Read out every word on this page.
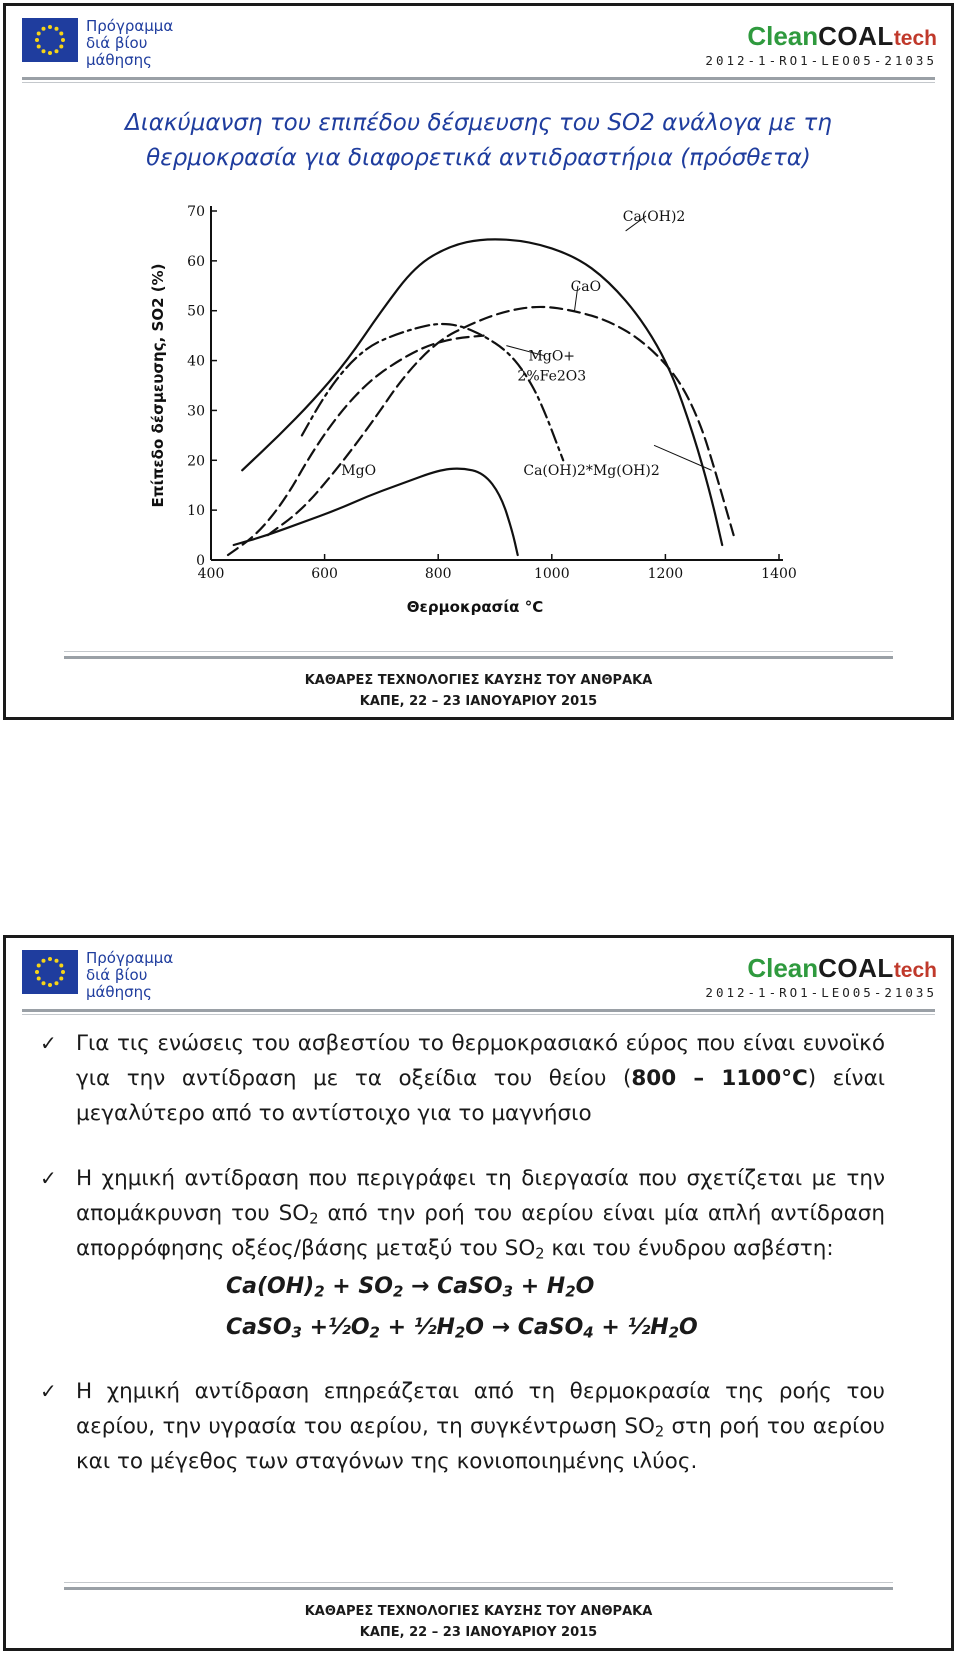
Πρόγραμμα
διά βίου
μάθησης
CleanCOALtech
2012-1-RO1-LEO05-21035
Διακύμανση του επιπέδου δέσμευσης του SO2 ανάλογα με τη
θερμοκρασία για διαφορετικά αντιδραστήρια (πρόσθετα)
0
10
20
30
40
50
60
70
400	600	800	1000	1200	1400
Θερμοκρασία °C
Επίπεδο δέσμευσης, SO2 (%)
Ca(OH)2
CaO
MgO+
2%Fe2O3
MgO	Ca(OH)2*Mg(OH)2
ΚΑΘΑΡΕΣ ΤΕΧΝΟΛΟΓΙΕΣ ΚΑΥΣΗΣ ΤΟΥ ΑΝΘΡΑΚΑ
ΚΑΠΕ, 22 – 23 ΙΑΝΟΥΑΡΙΟΥ 2015
Πρόγραμμα
διά βίου
μάθησης
CleanCOALtech
2012-1-RO1-LEO05-21035
✓ Για τις ενώσεις του ασβεστίου το θερμοκρασιακό εύρος που είναι ευνοϊκό για την αντίδραση με τα οξείδια του θείου (800 – 1100°C) είναι μεγαλύτερο από το αντίστοιχο για το μαγνήσιο
✓ Η χημική αντίδραση που περιγράφει τη διεργασία που σχετίζεται με την απομάκρυνση του $SO_2$ από την ροή του αερίου είναι μία απλή αντίδραση απορρόφησης οξέος/βάσης μεταξύ του $SO_2$ και του ένυδρου ασβέστη:
$Ca(OH)_2 + SO_2$ → CaSO$_3$ + $H_2O$
CaSO$_3$ $+\frac{1}{2}O_2$ + $\frac{1}{2}H_2O$ → CaSO$_4$ + $\frac{1}{2}H_2O$
✓ Η χημική αντίδραση επηρεάζεται από τη θερμοκρασία της ροής του αερίου, την υγρασία του αερίου, τη συγκέντρωση $SO_2$ στη ροή του αερίου και το μέγεθος των σταγόνων της κονιοποιημένης ιλύος.
ΚΑΘΑΡΕΣ ΤΕΧΝΟΛΟΓΙΕΣ ΚΑΥΣΗΣ ΤΟΥ ΑΝΘΡΑΚΑ
ΚΑΠΕ, 22 – 23 ΙΑΝΟΥΑΡΙΟΥ 2015
